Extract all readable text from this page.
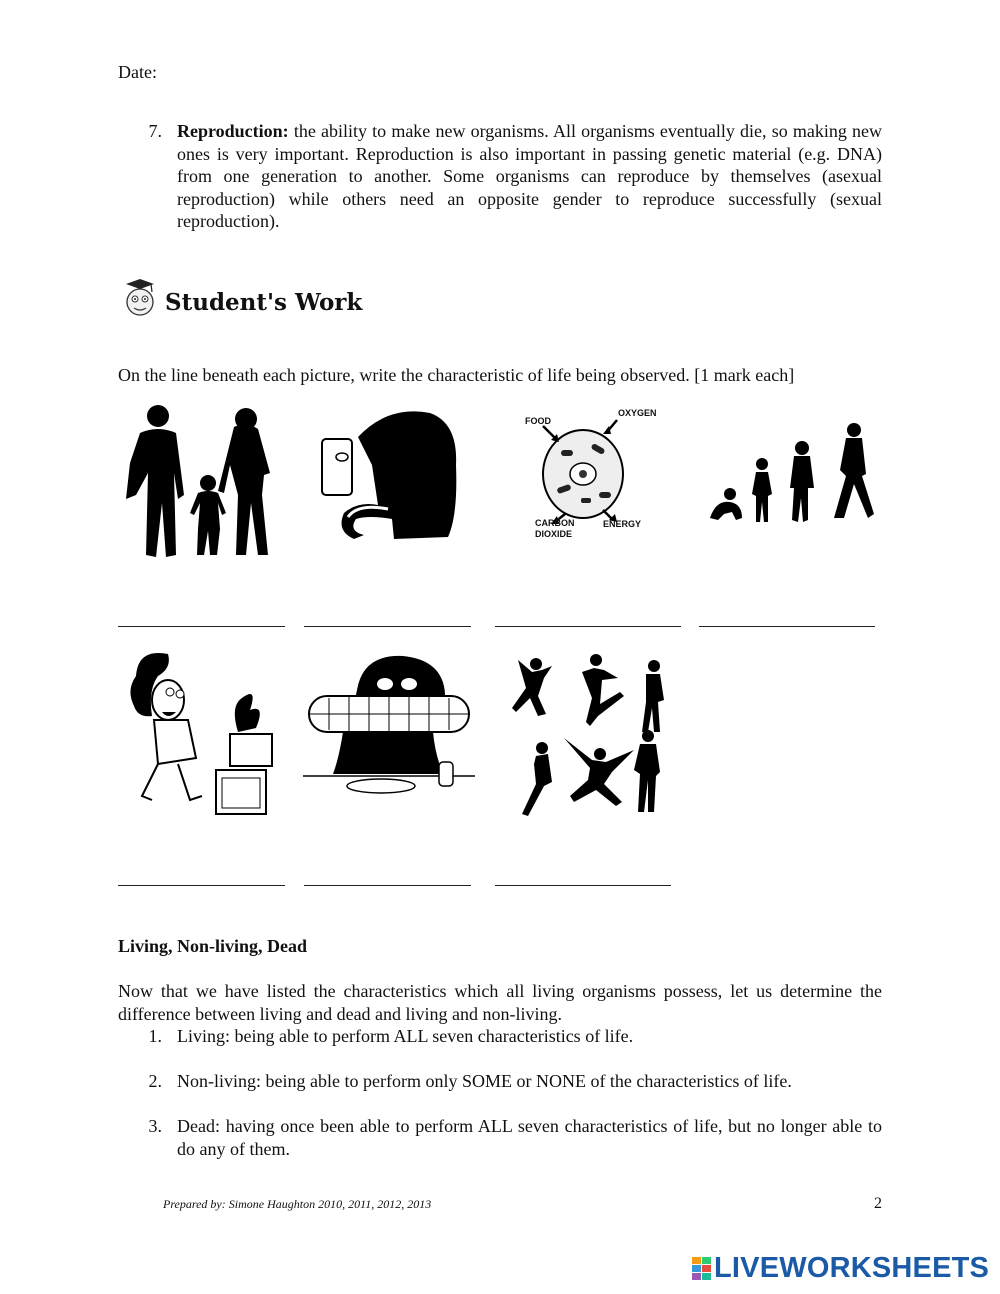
Date:
7. Reproduction: the ability to make new organisms. All organisms eventually die, so making new ones is very important. Reproduction is also important in passing genetic material (e.g. DNA) from one generation to another. Some organisms can reproduce by themselves (asexual reproduction) while others need an opposite gender to reproduce successfully (sexual reproduction).
Student's Work
On the line beneath each picture, write the characteristic of life being observed. [1 mark each]
FOOD
OXYGEN
CARBON
DIOXIDE
ENERGY
Living, Non-living, Dead
Now that we have listed the characteristics which all living organisms possess, let us determine the difference between living and dead and living and non-living.
1. Living: being able to perform ALL seven characteristics of life.
2. Non-living: being able to perform only SOME or NONE of the characteristics of life.
3. Dead: having once been able to perform ALL seven characteristics of life, but no longer able to do any of them.
Prepared by: Simone Haughton 2010, 2011, 2012, 2013	2
LIVEWORKSHEETS
